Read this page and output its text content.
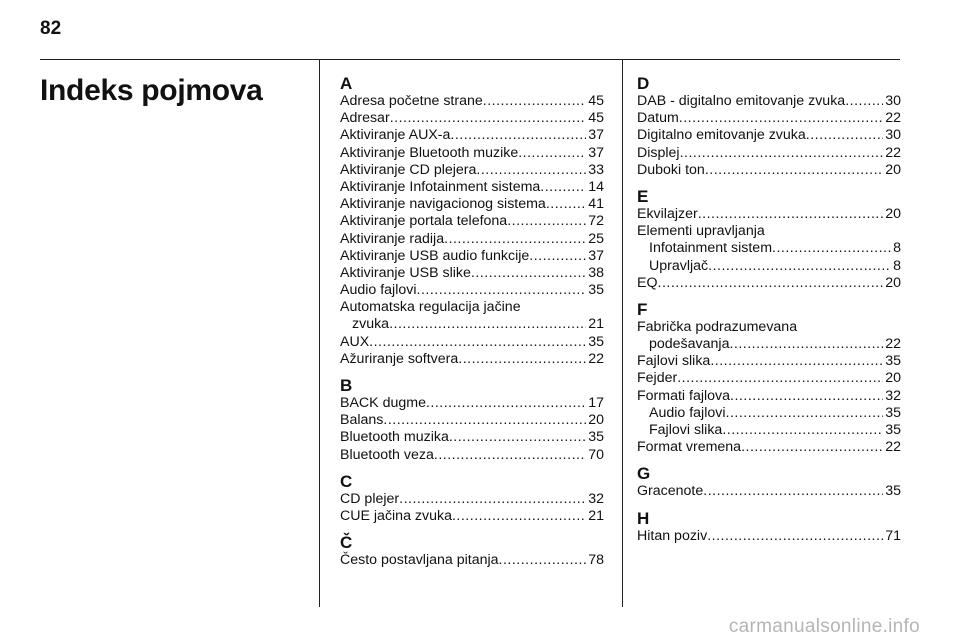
82
Indeks pojmova	A
Adresa početne strane .....	45
Adresar .....	45
Aktiviranje AUX-a .....	37
Aktiviranje Bluetooth muzike .....	37
Aktiviranje CD plejera .....	33
Aktiviranje Infotainment sistema .....	14
Aktiviranje navigacionog sistema .....	41
Aktiviranje portala telefona .....	72
Aktiviranje radija .....	25
Aktiviranje USB audio funkcije .....	37
Aktiviranje USB slike .....	38
Audio fajlovi .....	35
Automatska regulacija jačine
zvuka .....	21
AUX .....	35
Ažuriranje softvera .....	22
B
BACK dugme .....	17
Balans .....	20
Bluetooth muzika .....	35
Bluetooth veza .....	70
C
CD plejer .....	32
CUE jačina zvuka .....	21
Č
Često postavljana pitanja .....	78
D
DAB - digitalno emitovanje zvuka .....	30
Datum .....	22
Digitalno emitovanje zvuka .....	30
Displej .....	22
Duboki ton .....	20
E
Ekvilajzer .....	20
Elementi upravljanja
Infotainment sistem .....	8
Upravljač .....	8
EQ .....	20
F
Fabrička podrazumevana
podešavanja .....	22
Fajlovi slika .....	35
Fejder .....	20
Formati fajlova .....	32
Audio fajlovi .....	35
Fajlovi slika .....	35
Format vremena .....	22
G
Gracenote .....	35
H
Hitan poziv .....	71
carmanualsonline.info
